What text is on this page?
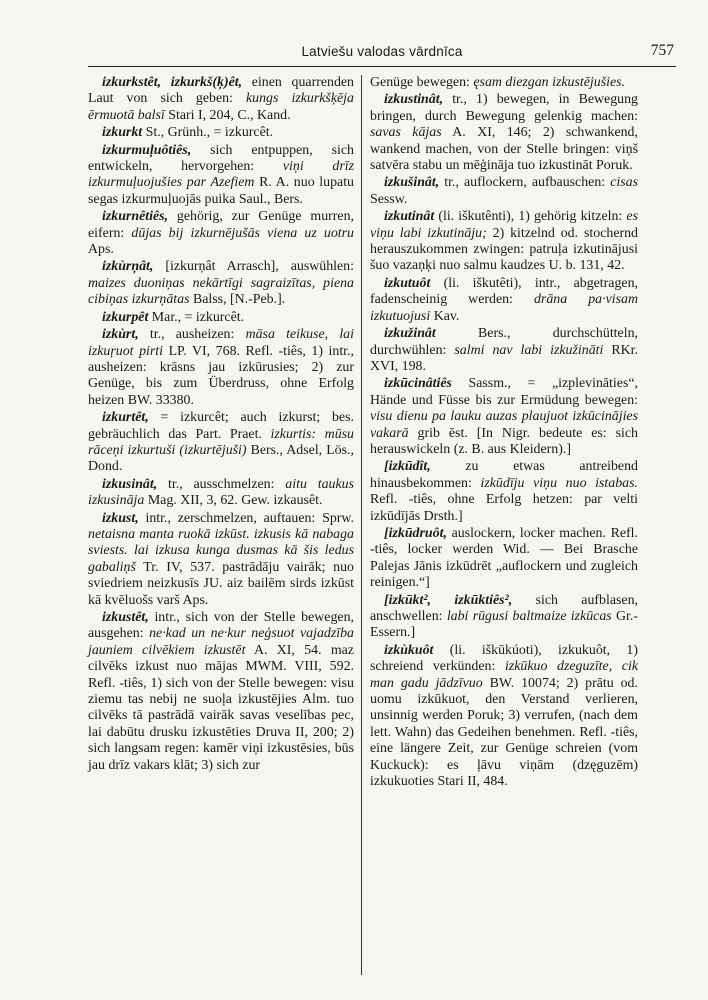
Latviešu valodas vārdnīca	757

izkurkstêt, izkurkš(ķ)êt, einen quarrenden Laut von sich geben: kungs izkurkšķēja ērmuotā balsī Stari I, 204, C., Kand.

izkurkt St., Grünh., = izkurcêt.

izkurmuļuôtiês, sich entpuppen, sich entwickeln, hervorgehen: viņi drīz izkurmuļuojušies par Azefiem R. A. nuo lupatu segas izkurmuļuojās puika Saul., Bers.

izkurnêtiês, gehörig, zur Genüge murren, eifern: dūjas bij izkurnējušās viena uz uotru Aps.

izkùrņât, [izkurņât Arrasch], auswühlen: maizes duoniņas nekārtīgi sagraizītas, piena cibiņas izkurņātas Balss, [N.-Peb.].

izkurpêt Mar., = izkurcêt.

izkùrt, tr., ausheizen: māsa teikuse, lai izkuŗuot pirti LP. VI, 768. Refl. -tiês, 1) intr., ausheizen: krāsns jau izkūrusies; 2) zur Genüge, bis zum Überdruss, ohne Erfolg heizen BW. 33380.

izkurtêt, = izkurcêt; auch izkurst; bes. gebräuchlich das Part. Praet. izkurtis: mūsu rāceņi izkurtuši (izkurtējuši) Bers., Adsel, Lös., Dond.

izkusinât, tr., ausschmelzen: aitu taukus izkusināja Mag. XII, 3, 62. Gew. izkausêt.

izkust, intr., zerschmelzen, auftauen: Sprw. netaisna manta ruokā izkūst. izkusis kā nabaga sviests. lai izkusa kunga dusmas kā šis ledus gabaliņš Tr. IV, 537. pastrādāju vairāk; nuo sviedriem neizkusīs JU. aiz bailēm sirds izkūst kā kvēluošs varš Aps.

izkustêt, intr., sich von der Stelle bewegen, ausgehen: ne·kad un ne·kur neģsuot vajadzība jauniem cilvēkiem izkustēt A. XI, 54. maz cilvēks izkust nuo mājas MWM. VIII, 592. Refl. -tiês, 1) sich von der Stelle bewegen: visu ziemu tas nebij ne suoļa izkustējies Alm. tuo cilvēks tā pastrādā vairāk savas veselības pec, lai dabūtu drusku izkustēties Druva II, 200; 2) sich langsam regen: kamēr viņi izkustēsies, būs jau drīz vakars klāt; 3) sich zur

Genüge bewegen: ęsam diezgan izkustējušies.

izkustinât, tr., 1) bewegen, in Bewegung bringen, durch Bewegung gelenkig machen: savas kājas A. XI, 146; 2) schwankend, wankend machen, von der Stelle bringen: viņš satvēra stabu un mēģināja tuo izkustināt Poruk.

izkušinât, tr., auflockern, aufbauschen: cisas Sessw.

izkutinât (li. iškutênti), 1) gehörig kitzeln: es viņu labi izkutināju; 2) kitzelnd od. stochernd herauszukommen zwingen: patruļa izkutinājusi šuo vazaņķi nuo salmu kaudzes U. b. 131, 42.

izkutuôt (li. iškutêti), intr., abgetragen, fadenscheinig werden: drāna pa·visam izkutuojusi Kav.

izkužinât	Bers., durchschütteln, durchwühlen: salmi nav labi izkužināti RKr. XVI, 198.

izkūcinâtiês Sassm., = „izplevināties“, Hände und Füsse bis zur Ermüdung bewegen: visu dienu pa lauku auzas plaujuot izkūcinājies vakarā grib ēst. [In Nigr. bedeute es: sich herauswickeln (z. B. aus Kleidern).]

[izkūdît, zu etwas antreibend hinausbekommen: izkūdīju viņu nuo istabas. Refl. -tiês, ohne Erfolg hetzen: par velti izkūdījās Drsth.]

[izkūdruôt, auslockern, locker machen. Refl. -tiês, locker werden Wid. — Bei Brasche Palejas Jānis izkūdrēt „auflockern und zugleich reinigen.“]

[izkūkt², izkūktiês², sich aufblasen, anschwellen: labi rūgusi baltmaize izkūcas Gr.-Essern.]

izkùkuôt (li. iškūkúoti), izkukuôt, 1) schreiend verkünden: izkūkuo dzeguzīte, cik man gadu jādzīvuo BW. 10074; 2) prātu od. uomu izkūkuot, den Verstand verlieren, unsinnig werden Poruk; 3) verrufen, (nach dem lett. Wahn) das Gedeihen benehmen. Refl. -tiês, eine längere Zeit, zur Genüge schreien (vom Kuckuck): es ļāvu viņām (dzęguzēm) izkukuoties Stari II, 484.
